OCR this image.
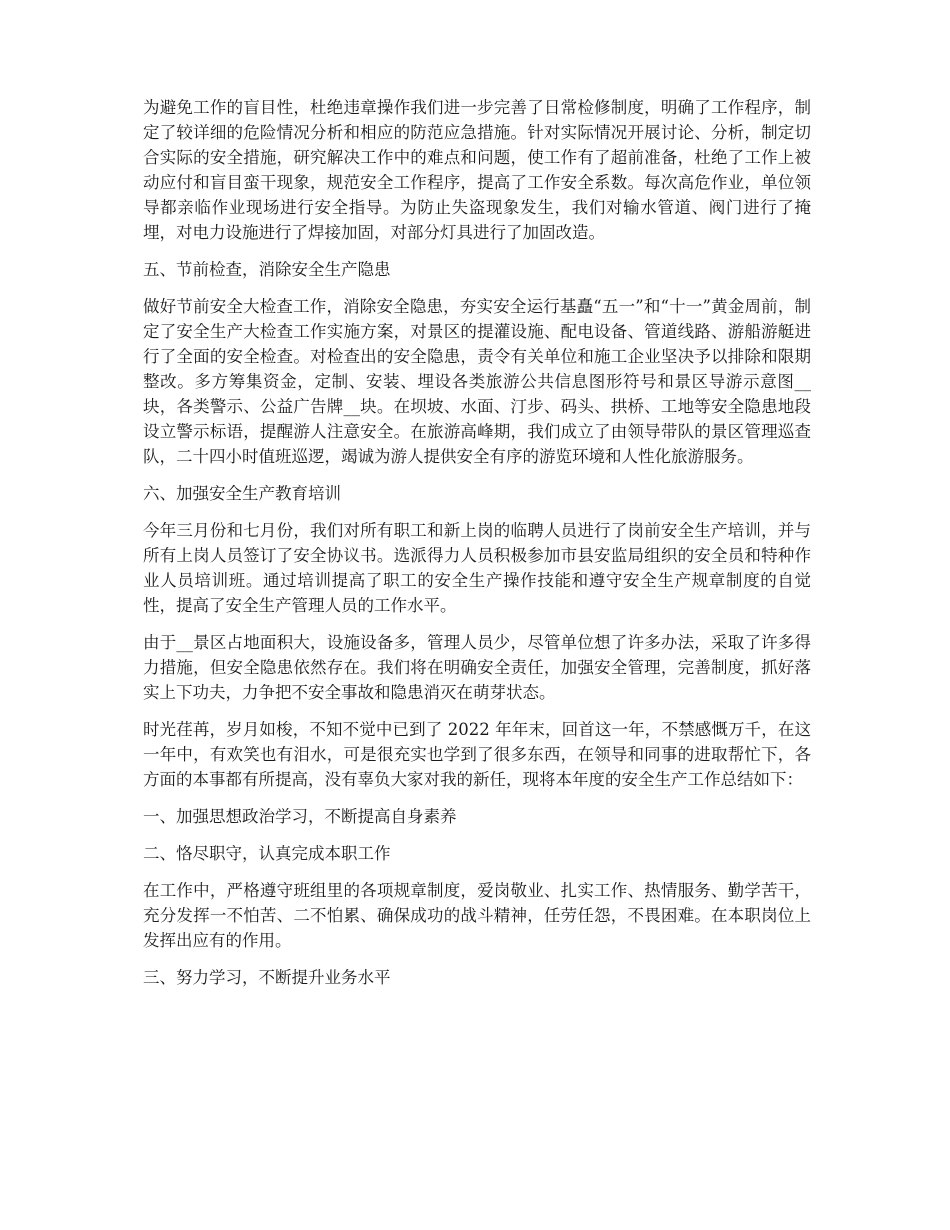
为避免工作的盲目性，杜绝违章操作我们进一步完善了日常检修制度，明确了工作程序，制定了较详细的危险情况分析和相应的防范应急措施。针对实际情况开展讨论、分析，制定切合实际的安全措施，研究解决工作中的难点和问题，使工作有了超前准备，杜绝了工作上被动应付和盲目蛮干现象，规范安全工作程序，提高了工作安全系数。每次高危作业，单位领导都亲临作业现场进行安全指导。为防止失盗现象发生，我们对输水管道、阀门进行了掩埋，对电力设施进行了焊接加固，对部分灯具进行了加固改造。

五、节前检查，消除安全生产隐患

做好节前安全大检查工作，消除安全隐患，夯实安全运行基矗“五一”和“十一”黄金周前，制定了安全生产大检查工作实施方案，对景区的提灌设施、配电设备、管道线路、游船游艇进行了全面的安全检查。对检查出的安全隐患，责令有关单位和施工企业坚决予以排除和限期整改。多方筹集资金，定制、安装、埋设各类旅游公共信息图形符号和景区导游示意图__块，各类警示、公益广告牌__块。在坝坡、水面、汀步、码头、拱桥、工地等安全隐患地段设立警示标语，提醒游人注意安全。在旅游高峰期，我们成立了由领导带队的景区管理巡查队，二十四小时值班巡逻，竭诚为游人提供安全有序的游览环境和人性化旅游服务。

六、加强安全生产教育培训

今年三月份和七月份，我们对所有职工和新上岗的临聘人员进行了岗前安全生产培训，并与所有上岗人员签订了安全协议书。选派得力人员积极参加市县安监局组织的安全员和特种作业人员培训班。通过培训提高了职工的安全生产操作技能和遵守安全生产规章制度的自觉性，提高了安全生产管理人员的工作水平。

由于__景区占地面积大，设施设备多，管理人员少，尽管单位想了许多办法，采取了许多得力措施，但安全隐患依然存在。我们将在明确安全责任，加强安全管理，完善制度，抓好落实上下功夫，力争把不安全事故和隐患消灭在萌芽状态。

时光荏苒，岁月如梭，不知不觉中已到了 2022 年年末，回首这一年，不禁感慨万千，在这一年中，有欢笑也有泪水，可是很充实也学到了很多东西，在领导和同事的进取帮忙下，各方面的本事都有所提高，没有辜负大家对我的新任，现将本年度的安全生产工作总结如下：

一、加强思想政治学习，不断提高自身素养

二、恪尽职守，认真完成本职工作

在工作中，严格遵守班组里的各项规章制度，爱岗敬业、扎实工作、热情服务、勤学苦干，充分发挥一不怕苦、二不怕累、确保成功的战斗精神，任劳任怨，不畏困难。在本职岗位上发挥出应有的作用。

三、努力学习，不断提升业务水平
